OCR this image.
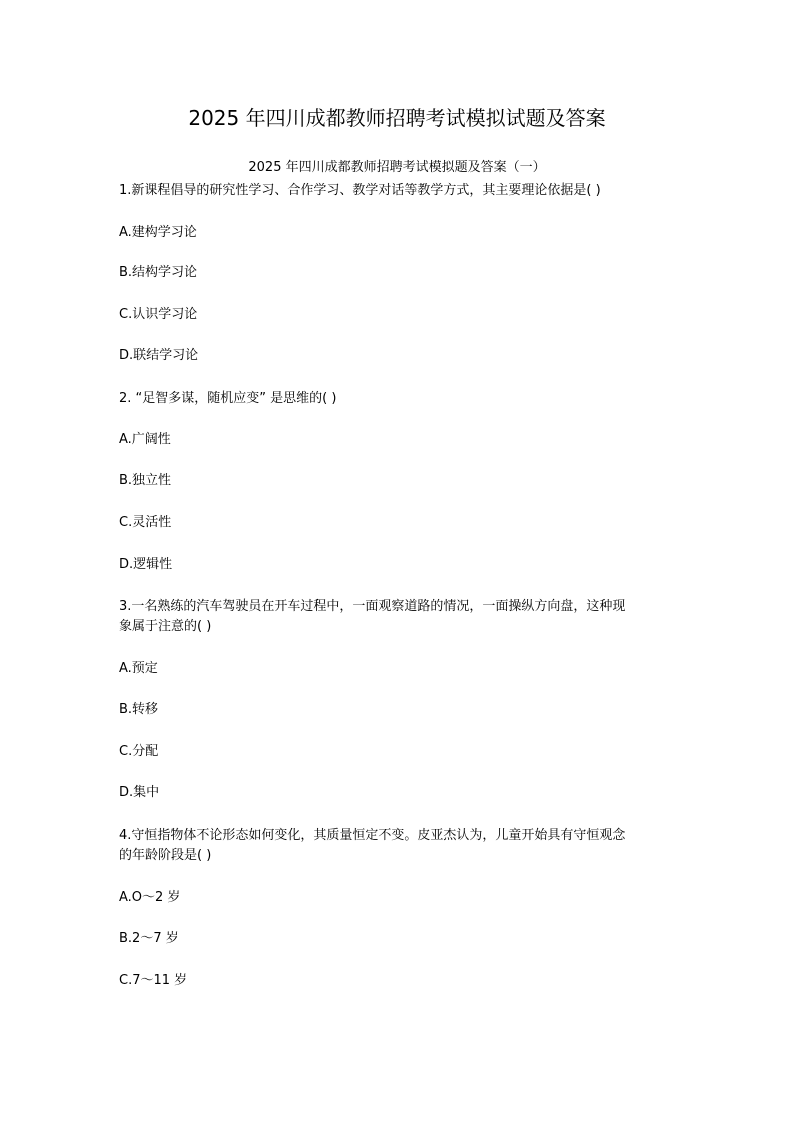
2025 年四川成都教师招聘考试模拟试题及答案
2025 年四川成都教师招聘考试模拟题及答案（一）
1.新课程倡导的研究性学习、合作学习、教学对话等教学方式，其主要理论依据是( )
A.建构学习论
B.结构学习论
C.认识学习论
D.联结学习论
2. “足智多谋，随机应变” 是思维的( )
A.广阔性
B.独立性
C.灵活性
D.逻辑性
3.一名熟练的汽车驾驶员在开车过程中，一面观察道路的情况，一面操纵方向盘，这种现
象属于注意的( )
A.预定
B.转移
C.分配
D.集中
4.守恒指物体不论形态如何变化，其质量恒定不变。皮亚杰认为，儿童开始具有守恒观念
的年龄阶段是( )
A.O～2 岁
B.2～7 岁
C.7～11 岁
